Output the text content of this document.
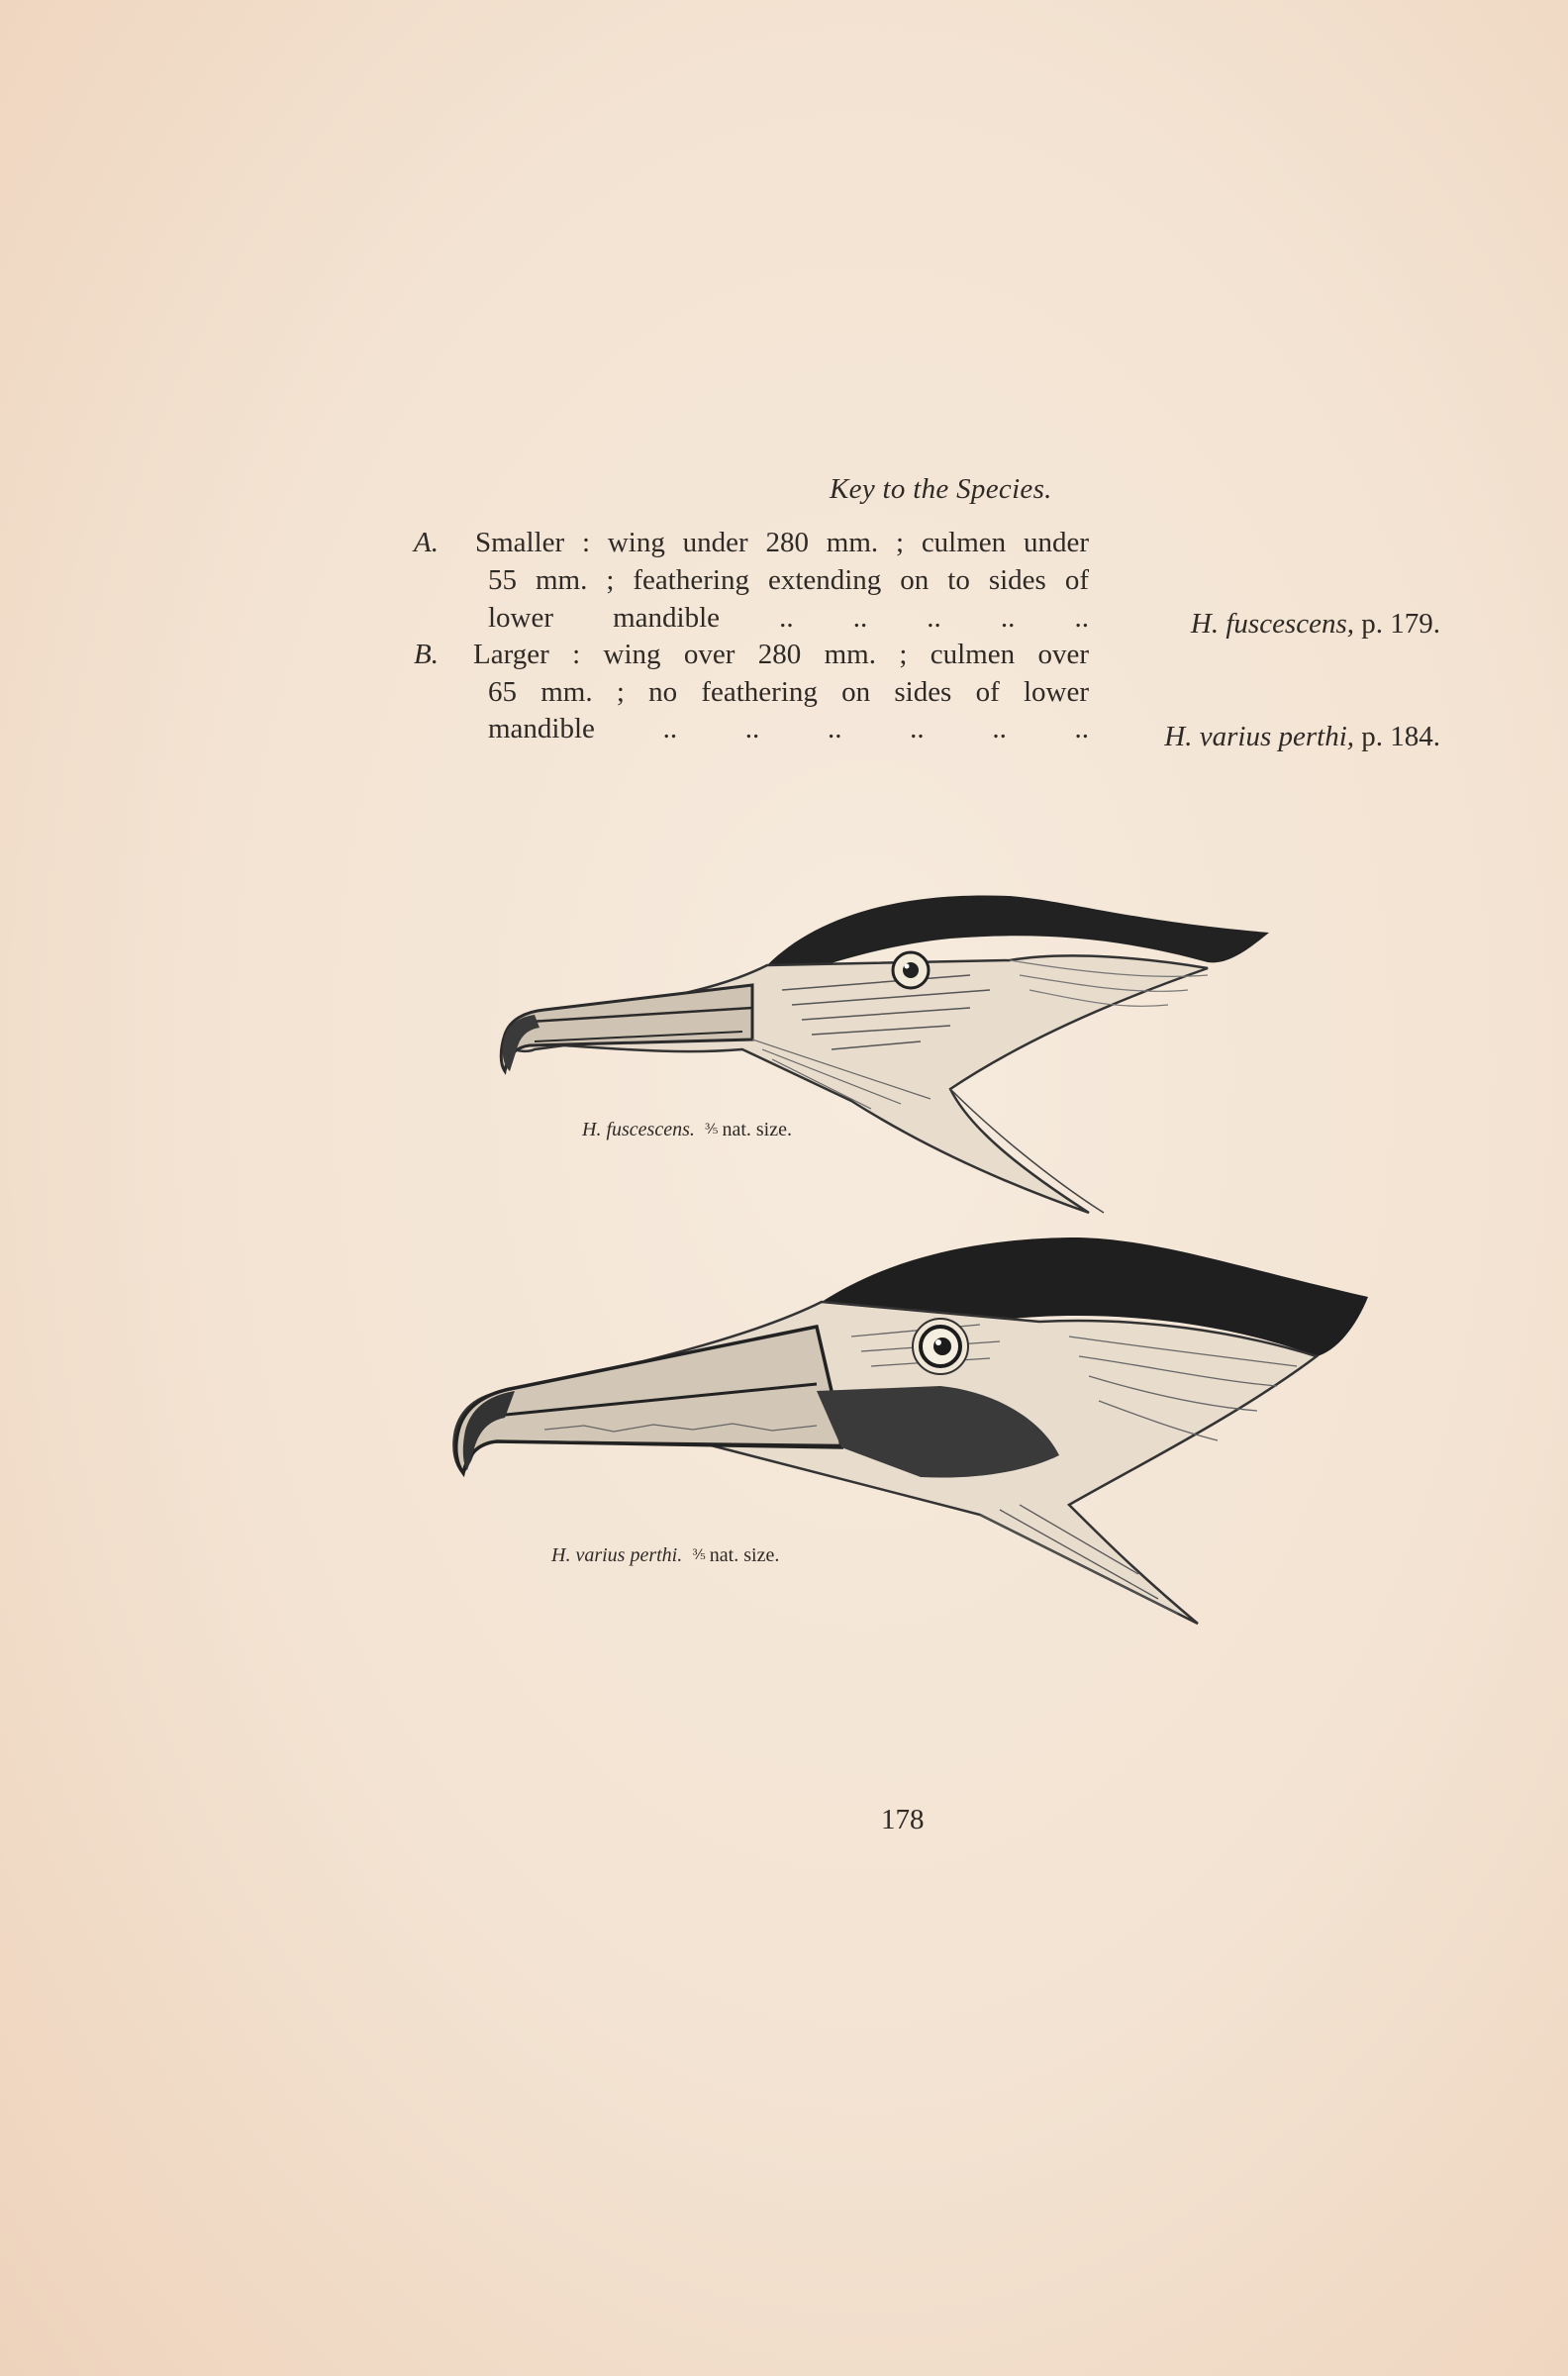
Key to the Species.
A. Smaller : wing under 280 mm. ; culmen under
55 mm. ; feathering extending on to sides of
lower mandible .. .. .. .. ..	H. fuscescens, p. 179.
B. Larger : wing over 280 mm. ; culmen over
65 mm. ; no feathering on sides of lower
mandible .. .. .. .. .. ..	H. varius perthi, p. 184.
H. fuscescens. ⅗ nat. size.
H. varius perthi. ⅗ nat. size.
178
